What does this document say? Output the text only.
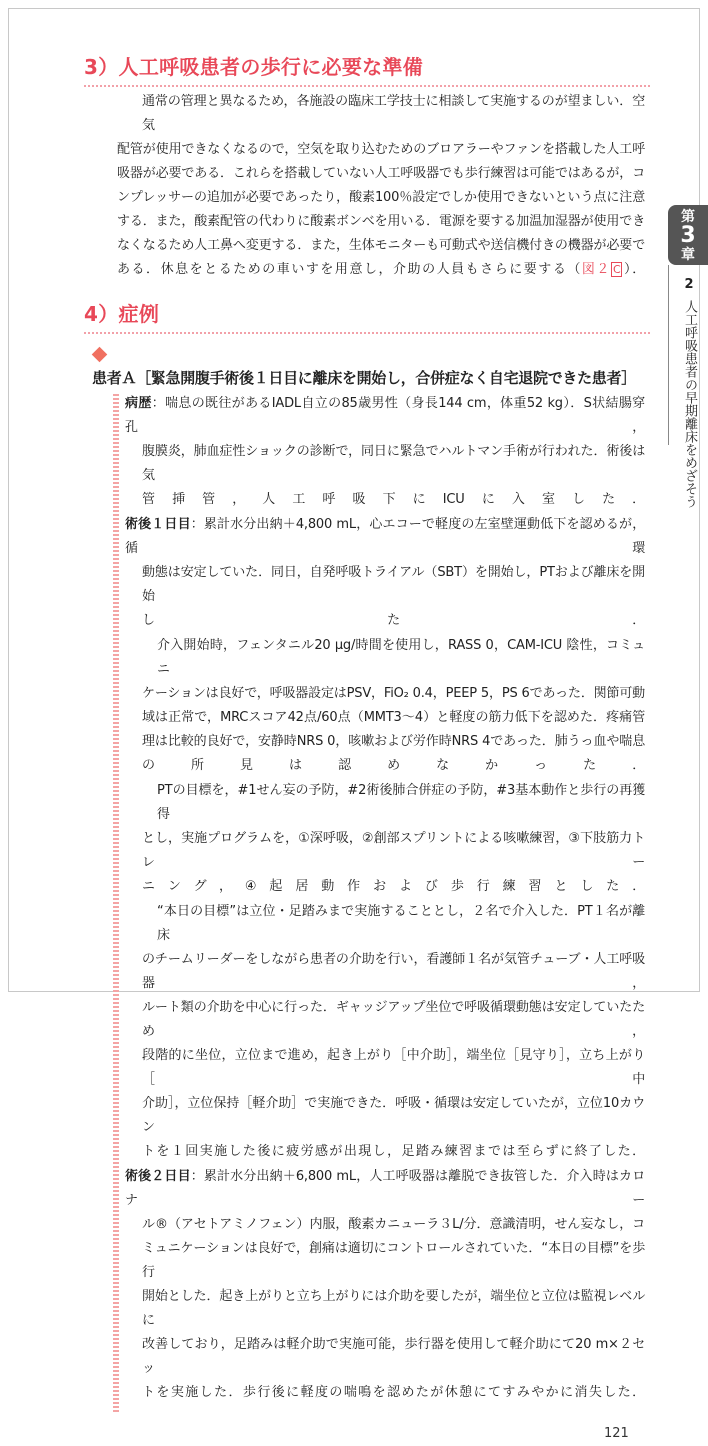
3）人工呼吸患者の歩行に必要な準備
通常の管理と異なるため，各施設の臨床工学技士に相談して実施するのが望ましい．空気
配管が使用できなくなるので，空気を取り込むためのブロアラーやファンを搭載した人工呼
吸器が必要である．これらを搭載していない人工呼吸器でも歩行練習は可能ではあるが，コ
ンプレッサーの追加が必要であったり，酸素100％設定でしか使用できないという点に注意
する．また，酸素配管の代わりに酸素ボンベを用いる．電源を要する加温加湿器が使用でき
なくなるため人工鼻へ変更する．また，生体モニターも可動式や送信機付きの機器が必要で
ある．休息をとるための車いすを用意し，介助の人員もさらに要する（図２ C ）．
4）症例
患者Ａ［緊急開腹手術後１日目に離床を開始し，合併症なく自宅退院できた患者］
病歴：喘息の既往があるIADL自立の85歳男性（身長144 cm，体重52 kg）．S状結腸穿孔，
腹膜炎，肺血症性ショックの診断で，同日に緊急でハルトマン手術が行われた．術後は気
管挿管，人工呼吸下にICUに入室した．
術後１日目：累計水分出納＋4,800 mL，心エコーで軽度の左室壁運動低下を認めるが，循環
動態は安定していた．同日，自発呼吸トライアル（SBT）を開始し，PTおよび離床を開始
した．
介入開始時，フェンタニル20 μg/時間を使用し，RASS 0，CAM-ICU 陰性，コミュニ
ケーションは良好で，呼吸器設定はPSV，FiO₂ 0.4，PEEP 5，PS 6であった．関節可動
域は正常で，MRCスコア42点/60点（MMT3～4）と軽度の筋力低下を認めた．疼痛管
理は比較的良好で，安静時NRS 0，咳嗽および労作時NRS 4であった．肺うっ血や喘息
の所見は認めなかった．
PTの目標を，#1せん妄の予防，#2術後肺合併症の予防，#3基本動作と歩行の再獲得
とし，実施プログラムを，①深呼吸，②創部スプリントによる咳嗽練習，③下肢筋力トレー
ニング，④起居動作および歩行練習とした．
“本日の目標”は立位・足踏みまで実施することとし，２名で介入した．PT１名が離床
のチームリーダーをしながら患者の介助を行い，看護師１名が気管チューブ・人工呼吸器，
ルート類の介助を中心に行った．ギャッジアップ坐位で呼吸循環動態は安定していたため，
段階的に坐位，立位まで進め，起き上がり［中介助］，端坐位［見守り］，立ち上がり［中
介助］，立位保持［軽介助］で実施できた．呼吸・循環は安定していたが，立位10カウン
トを１回実施した後に疲労感が出現し，足踏み練習までは至らずに終了した．
術後２日目：累計水分出納＋6,800 mL，人工呼吸器は離脱でき抜管した．介入時はカロナー
ル®（アセトアミノフェン）内服，酸素カニューラ３L/分．意識清明，せん妄なし，コ
ミュニケーションは良好で，創痛は適切にコントロールされていた．“本日の目標”を歩行
開始とした．起き上がりと立ち上がりには介助を要したが，端坐位と立位は監視レベルに
改善しており，足踏みは軽介助で実施可能，歩行器を使用して軽介助にて20 m×２セッ
トを実施した．歩行後に軽度の喘鳴を認めたが休憩にてすみやかに消失した．
121
第
3
章
2人工呼吸患者の早期離床をめざそう
